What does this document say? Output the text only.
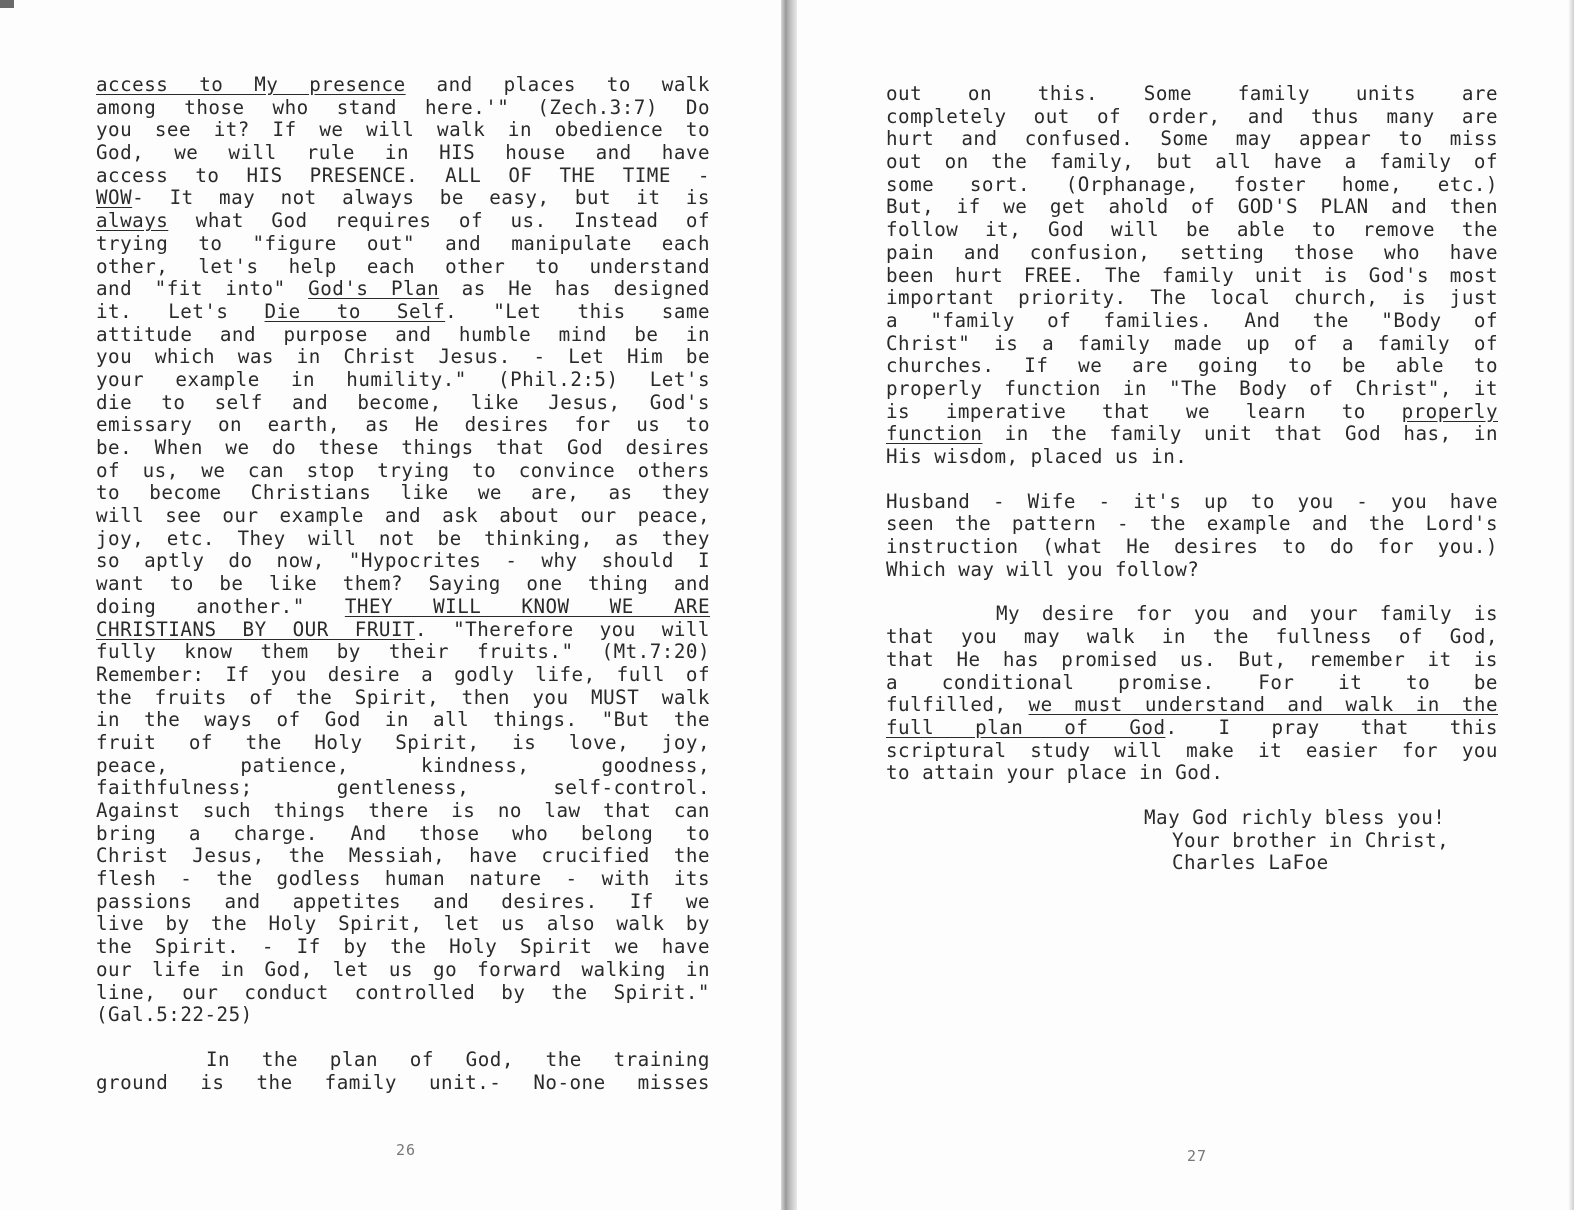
access to My presence and places to walk
among those who stand here.'" (Zech.3:7) Do
you see it? If we will walk in obedience to
God, we will rule in HIS house and have
access to HIS PRESENCE. ALL OF THE TIME -
WOW- It may not always be easy, but it is
always what God requires of us. Instead of
trying to "figure out" and manipulate each
other, let's help each other to understand
and "fit into" God's Plan as He has designed
it. Let's Die to Self. "Let this same
attitude and purpose and humble mind be in
you which was in Christ Jesus. - Let Him be
your example in humility." (Phil.2:5) Let's
die to self and become, like Jesus, God's
emissary on earth, as He desires for us to
be. When we do these things that God desires
of us, we can stop trying to convince others
to become Christians like we are, as they
will see our example and ask about our peace,
joy, etc. They will not be thinking, as they
so aptly do now, "Hypocrites - why should I
want to be like them? Saying one thing and
doing another." THEY WILL KNOW WE ARE
CHRISTIANS BY OUR FRUIT. "Therefore you will
fully know them by their fruits." (Mt.7:20)
Remember: If you desire a godly life, full of
the fruits of the Spirit, then you MUST walk
in the ways of God in all things. "But the
fruit of the Holy Spirit, is love, joy,
peace, patience, kindness, goodness,
faithfulness; gentleness, self-control.
Against such things there is no law that can
bring a charge. And those who belong to
Christ Jesus, the Messiah, have crucified the
flesh - the godless human nature - with its
passions and appetites and desires. If we
live by the Holy Spirit, let us also walk by
the Spirit. - If by the Holy Spirit we have
our life in God, let us go forward walking in
line, our conduct controlled by the Spirit."
(Gal.5:22-25)
In the plan of God, the training
ground is the family unit.- No-one misses
out on this. Some family units are
completely out of order, and thus many are
hurt and confused. Some may appear to miss
out on the family, but all have a family of
some sort. (Orphanage, foster home, etc.)
But, if we get ahold of GOD'S PLAN and then
follow it, God will be able to remove the
pain and confusion, setting those who have
been hurt FREE. The family unit is God's most
important priority. The local church, is just
a "family of families. And the "Body of
Christ" is a family made up of a family of
churches. If we are going to be able to
properly function in "The Body of Christ", it
is imperative that we learn to properly
function in the family unit that God has, in
His wisdom, placed us in.
Husband - Wife - it's up to you - you have
seen the pattern - the example and the Lord's
instruction (what He desires to do for you.)
Which way will you follow?
My desire for you and your family is
that you may walk in the fullness of God,
that He has promised us. But, remember it is
a conditional promise. For it to be
fulfilled, we must understand and walk in the
full plan of God. I pray that this
scriptural study will make it easier for you
to attain your place in God.
May God richly bless you!
Your brother in Christ,
Charles LaFoe
26	27
